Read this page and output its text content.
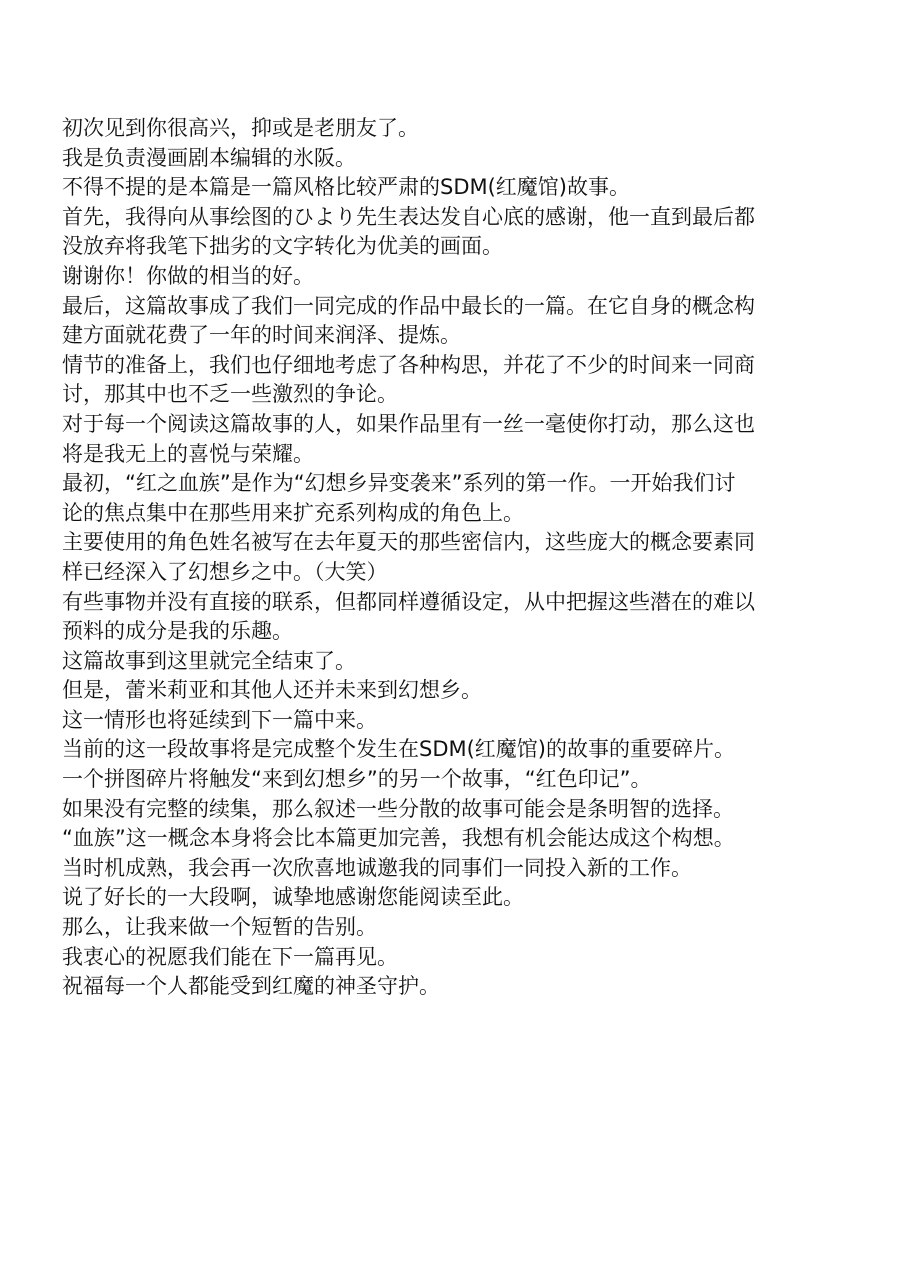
初次见到你很高兴，抑或是老朋友了。
我是负责漫画剧本编辑的氷阪。
不得不提的是本篇是一篇风格比较严肃的SDM(红魔馆)故事。
首先，我得向从事绘图的ひより先生表达发自心底的感谢，他一直到最后都
没放弃将我笔下拙劣的文字转化为优美的画面。
谢谢你！你做的相当的好。
最后，这篇故事成了我们一同完成的作品中最长的一篇。在它自身的概念构
建方面就花费了一年的时间来润泽、提炼。
情节的准备上，我们也仔细地考虑了各种构思，并花了不少的时间来一同商
讨，那其中也不乏一些激烈的争论。
对于每一个阅读这篇故事的人，如果作品里有一丝一毫使你打动，那么这也
将是我无上的喜悦与荣耀。
最初，“红之血族”是作为“幻想乡异变袭来”系列的第一作。一开始我们讨
论的焦点集中在那些用来扩充系列构成的角色上。
主要使用的角色姓名被写在去年夏天的那些密信内，这些庞大的概念要素同
样已经深入了幻想乡之中。（大笑）
有些事物并没有直接的联系，但都同样遵循设定，从中把握这些潜在的难以
预料的成分是我的乐趣。
这篇故事到这里就完全结束了。
但是，蕾米莉亚和其他人还并未来到幻想乡。
这一情形也将延续到下一篇中来。
当前的这一段故事将是完成整个发生在SDM(红魔馆)的故事的重要碎片。
一个拼图碎片将触发“来到幻想乡”的另一个故事，“红色印记”。
如果没有完整的续集，那么叙述一些分散的故事可能会是条明智的选择。
“血族”这一概念本身将会比本篇更加完善，我想有机会能达成这个构想。
当时机成熟，我会再一次欣喜地诚邀我的同事们一同投入新的工作。
说了好长的一大段啊，诚挚地感谢您能阅读至此。
那么，让我来做一个短暂的告别。
我衷心的祝愿我们能在下一篇再见。
祝福每一个人都能受到红魔的神圣守护。
